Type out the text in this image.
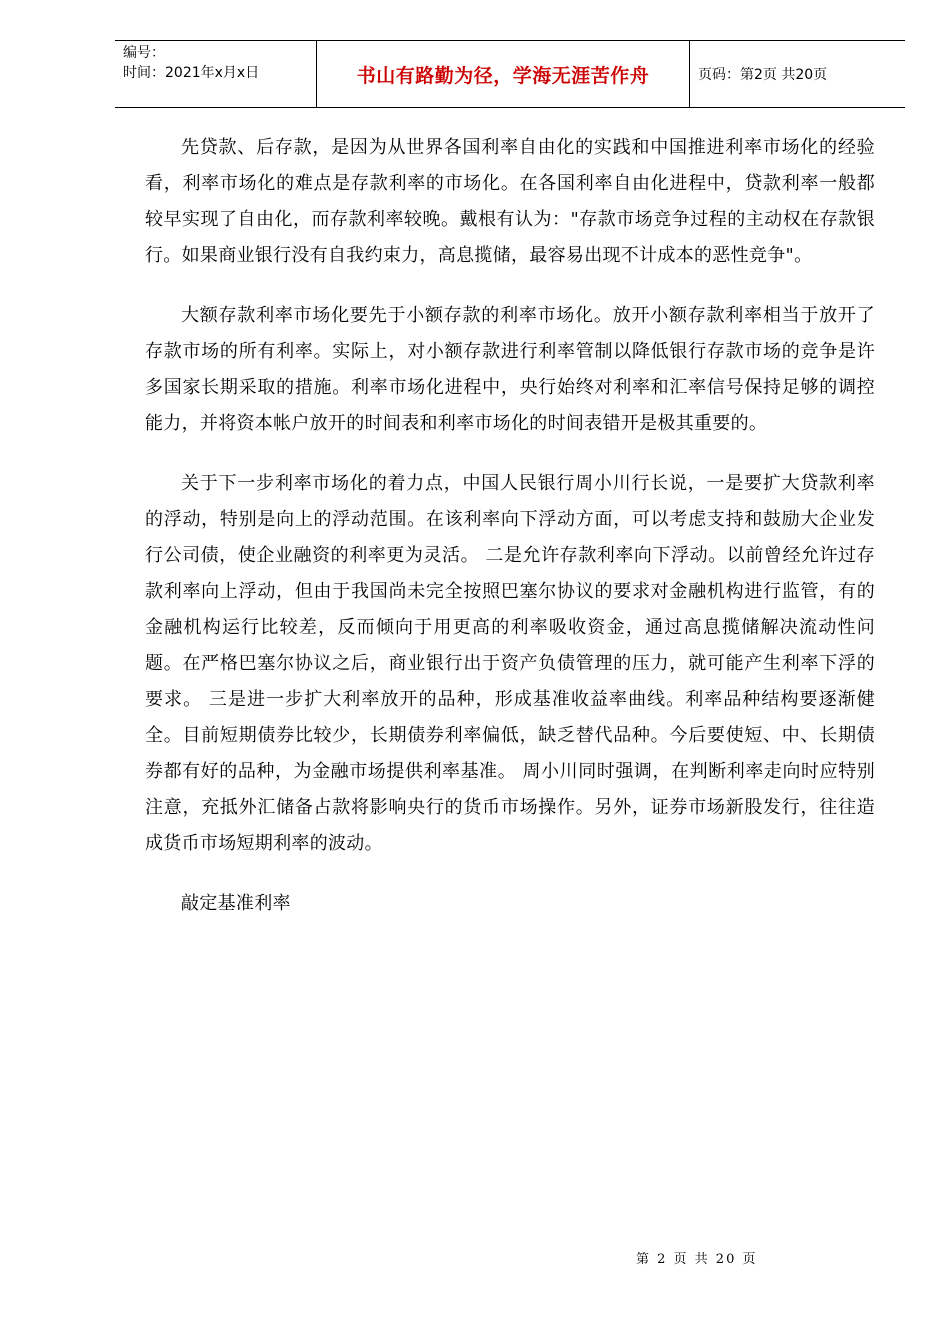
编号：
时间：2021年x月x日	书山有路勤为径，学海无涯苦作舟	页码：第2页 共20页

先贷款、后存款，是因为从世界各国利率自由化的实践和中国推进利率市场化的经验看，利率市场化的难点是存款利率的市场化。在各国利率自由化进程中，贷款利率一般都较早实现了自由化，而存款利率较晚。戴根有认为："存款市场竞争过程的主动权在存款银行。如果商业银行没有自我约束力，高息揽储，最容易出现不计成本的恶性竞争"。

大额存款利率市场化要先于小额存款的利率市场化。放开小额存款利率相当于放开了存款市场的所有利率。实际上，对小额存款进行利率管制以降低银行存款市场的竞争是许多国家长期采取的措施。利率市场化进程中，央行始终对利率和汇率信号保持足够的调控能力，并将资本帐户放开的时间表和利率市场化的时间表错开是极其重要的。

关于下一步利率市场化的着力点，中国人民银行周小川行长说，一是要扩大贷款利率的浮动，特别是向上的浮动范围。在该利率向下浮动方面，可以考虑支持和鼓励大企业发行公司债，使企业融资的利率更为灵活。 二是允许存款利率向下浮动。以前曾经允许过存款利率向上浮动，但由于我国尚未完全按照巴塞尔协议的要求对金融机构进行监管，有的金融机构运行比较差，反而倾向于用更高的利率吸收资金，通过高息揽储解决流动性问题。在严格巴塞尔协议之后，商业银行出于资产负债管理的压力，就可能产生利率下浮的要求。 三是进一步扩大利率放开的品种，形成基准收益率曲线。利率品种结构要逐渐健全。目前短期债券比较少，长期债券利率偏低，缺乏替代品种。今后要使短、中、长期债券都有好的品种，为金融市场提供利率基准。 周小川同时强调，在判断利率走向时应特别注意，充抵外汇储备占款将影响央行的货币市场操作。另外，证券市场新股发行，往往造成货币市场短期利率的波动。

敲定基准利率

第 2 页 共 20 页
